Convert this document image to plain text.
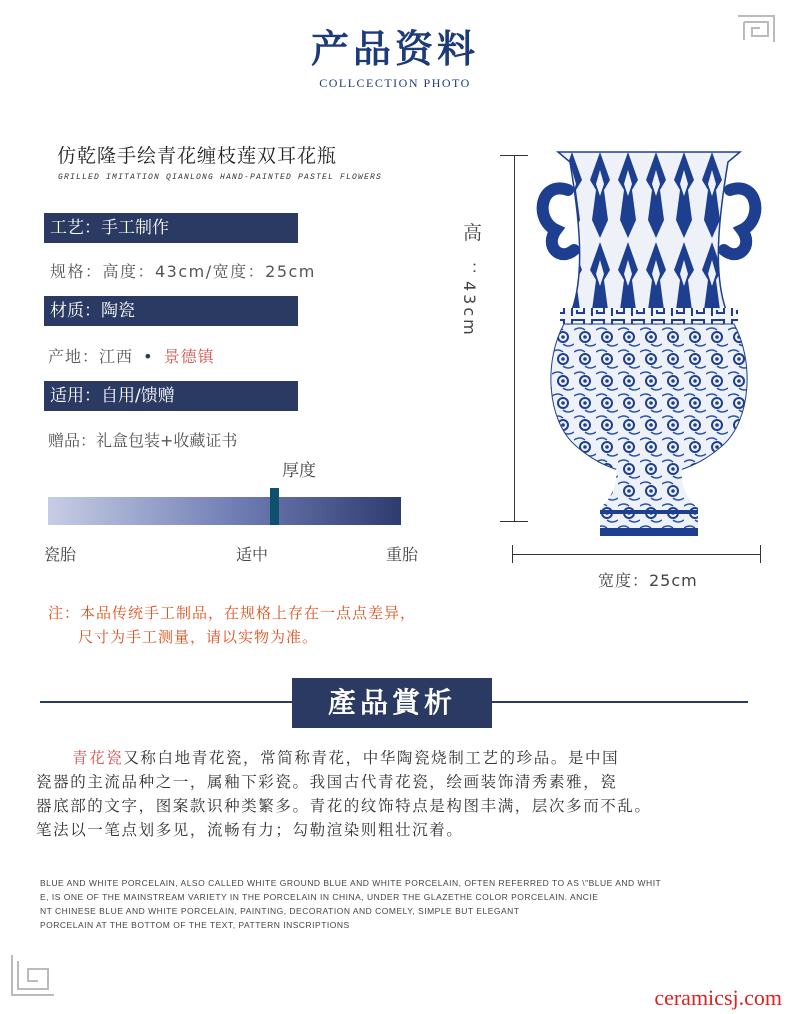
产品资料
COLLCECTION PHOTO
仿乾隆手绘青花缠枝莲双耳花瓶
GRILLED IMITATION QIANLONG HAND-PAINTED PASTEL FLOWERS
工艺：手工制作
规格：高度：43cm/宽度：25cm
材质：陶瓷
产地：江西 • 景德镇
适用：自用/馈赠
赠品：礼盒包装+收藏证书
厚度
瓷胎	适中	重胎
注：本品传统手工制品，在规格上存在一点点差异，
尺寸为手工测量，请以实物为准。
高
：43cm
宽度：25cm
產品賞析
青花瓷又称白地青花瓷，常简称青花，中华陶瓷烧制工艺的珍品。是中国
瓷器的主流品种之一，属釉下彩瓷。我国古代青花瓷，绘画装饰清秀素雅，瓷
器底部的文字，图案款识种类繁多。青花的纹饰特点是构图丰满，层次多而不乱。
笔法以一笔点划多见，流畅有力；勾勒渲染则粗壮沉着。
BLUE AND WHITE PORCELAIN, ALSO CALLED WHITE GROUND BLUE AND WHITE PORCELAIN, OFTEN REFERRED TO AS \"BLUE AND WHIT
E, IS ONE OF THE MAINSTREAM VARIETY IN THE PORCELAIN IN CHINA, UNDER THE GLAZETHE COLOR PORCELAIN. ANCIE
NT CHINESE BLUE AND WHITE PORCELAIN, PAINTING, DECORATION AND COMELY, SIMPLE BUT ELEGANT
PORCELAIN AT THE BOTTOM OF THE TEXT, PATTERN INSCRIPTIONS
ceramicsj.com
